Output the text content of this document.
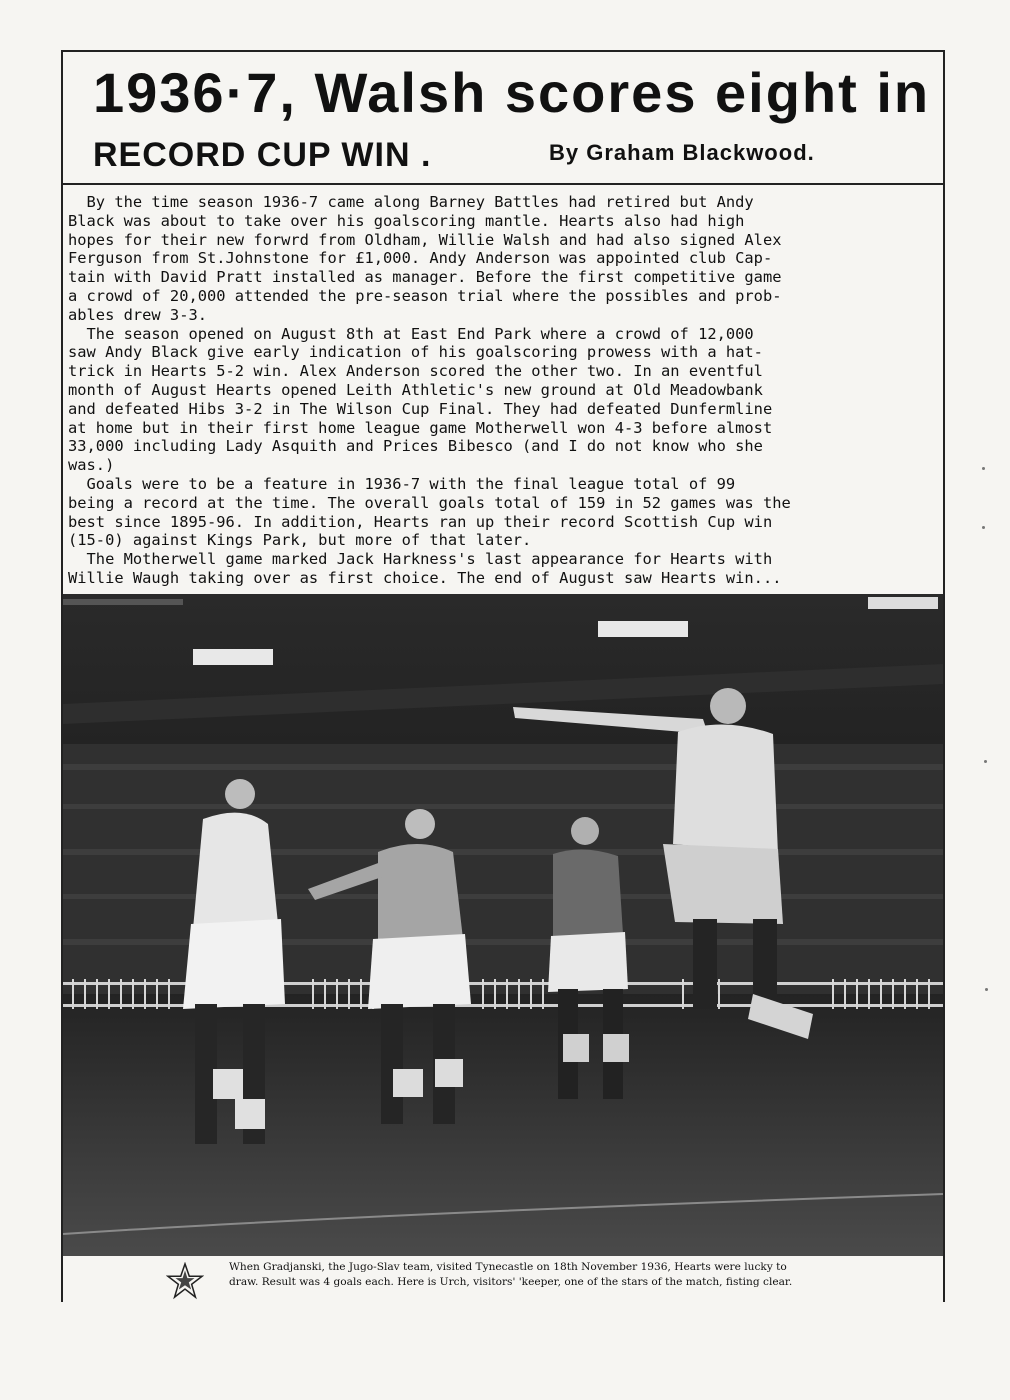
1936·7, Walsh scores eight in
RECORD CUP WIN .	By Graham Blackwood.

By the time season 1936-7 came along Barney Battles had retired but Andy

Black was about to take over his goalscoring mantle. Hearts also had high

hopes for their new forwrd from Oldham, Willie Walsh and had also signed Alex

Ferguson from St.Johnstone for £1,000. Andy Anderson was appointed club Cap-

tain with David Pratt installed as manager. Before the first competitive game

a crowd of 20,000 attended the pre-season trial where the possibles and prob-

ables drew 3-3.

The season opened on August 8th at East End Park where a crowd of 12,000

saw Andy Black give early indication of his goalscoring prowess with a hat-

trick in Hearts 5-2 win. Alex Anderson scored the other two. In an eventful

month of August Hearts opened Leith Athletic's new ground at Old Meadowbank

and defeated Hibs 3-2 in The Wilson Cup Final. They had defeated Dunfermline

at home but in their first home league game Motherwell won 4-3 before almost

33,000 including Lady Asquith and Prices Bibesco (and I do not know who she

was.)

Goals were to be a feature in 1936-7 with the final league total of 99

being a record at the time. The overall goals total of 159 in 52 games was the

best since 1895-96. In addition, Hearts ran up their record Scottish Cup win

(15-0) against Kings Park, but more of that later.

The Motherwell game marked Jack Harkness's last appearance for Hearts with

Willie Waugh taking over as first choice. The end of August saw Hearts win...

When Gradjanski, the Jugo-Slav team, visited Tynecastle on 18th November 1936, Hearts were lucky to
draw. Result was 4 goals each. Here is Urch, visitors' 'keeper, one of the stars of the match, fisting clear.
